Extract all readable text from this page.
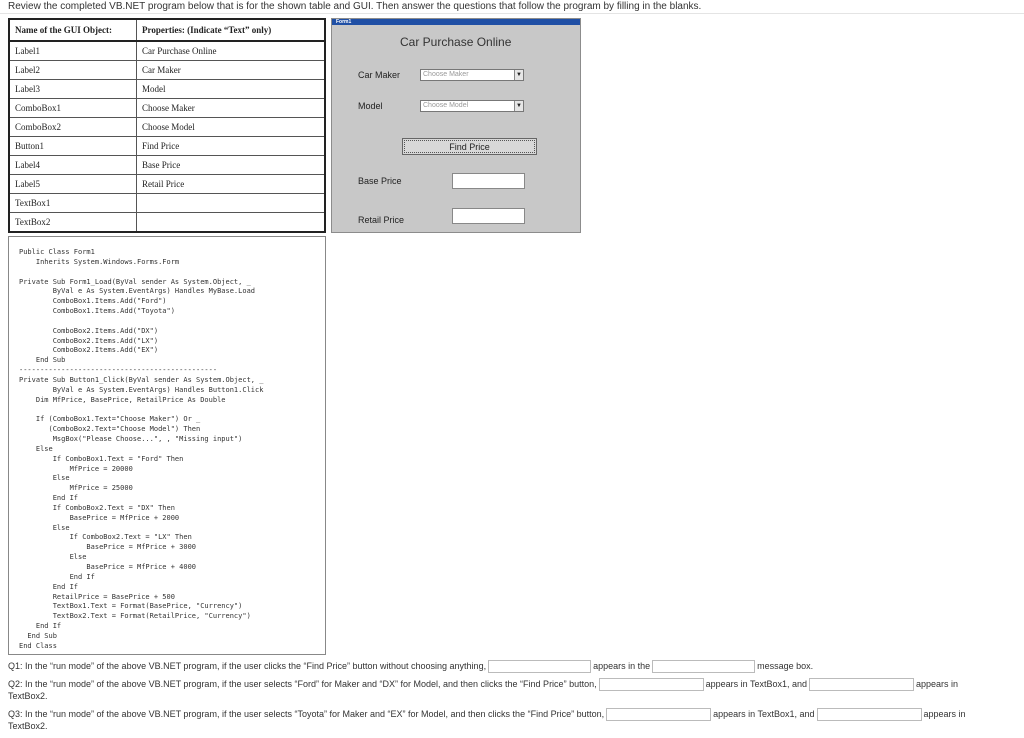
Review the completed VB.NET program below that is for the shown table and GUI. Then answer the questions that follow the program by filling in the blanks.
Name of the GUI Object:	Properties: (Indicate “Text” only)
Label1	Car Purchase Online
Label2	Car Maker
Label3	Model
ComboBox1	Choose Maker
ComboBox2	Choose Model
Button1	Find Price
Label4	Base Price
Label5	Retail Price
TextBox1	
TextBox2	
Form1
Car Purchase Online
Car Maker	Choose Maker	▼
Model	Choose Model	▼
Find Price
Base Price
Retail Price
Public Class Form1
Inherits System.Windows.Forms.Form

Private Sub Form1_Load(ByVal sender As System.Object, _
ByVal e As System.EventArgs) Handles MyBase.Load
ComboBox1.Items.Add("Ford")
ComboBox1.Items.Add("Toyota")

ComboBox2.Items.Add("DX")
ComboBox2.Items.Add("LX")
ComboBox2.Items.Add("EX")
End Sub
-----------------------------------------------
Private Sub Button1_Click(ByVal sender As System.Object, _
ByVal e As System.EventArgs) Handles Button1.Click
Dim MfPrice, BasePrice, RetailPrice As Double

If (ComboBox1.Text="Choose Maker") Or _
(ComboBox2.Text="Choose Model") Then
MsgBox("Please Choose...", , "Missing input")
Else
If ComboBox1.Text = "Ford" Then
MfPrice = 20000
Else
MfPrice = 25000
End If
If ComboBox2.Text = "DX" Then
BasePrice = MfPrice + 2000
Else
If ComboBox2.Text = "LX" Then
BasePrice = MfPrice + 3000
Else
BasePrice = MfPrice + 4000
End If
End If
RetailPrice = BasePrice + 500
TextBox1.Text = Format(BasePrice, "Currency")
TextBox2.Text = Format(RetailPrice, "Currency")
End If
End Sub
End Class
Q1: In the “run mode” of the above VB.NET program, if the user clicks the “Find Price” button without choosing anything,	appears in the	message box.
Q2: In the “run mode” of the above VB.NET program, if the user selects “Ford” for Maker and “DX” for Model, and then clicks the “Find Price” button,	appears in TextBox1, and	appears in
TextBox2.
Q3: In the “run mode” of the above VB.NET program, if the user selects “Toyota” for Maker and “EX” for Model, and then clicks the “Find Price” button,	appears in TextBox1, and	appears in
TextBox2.
